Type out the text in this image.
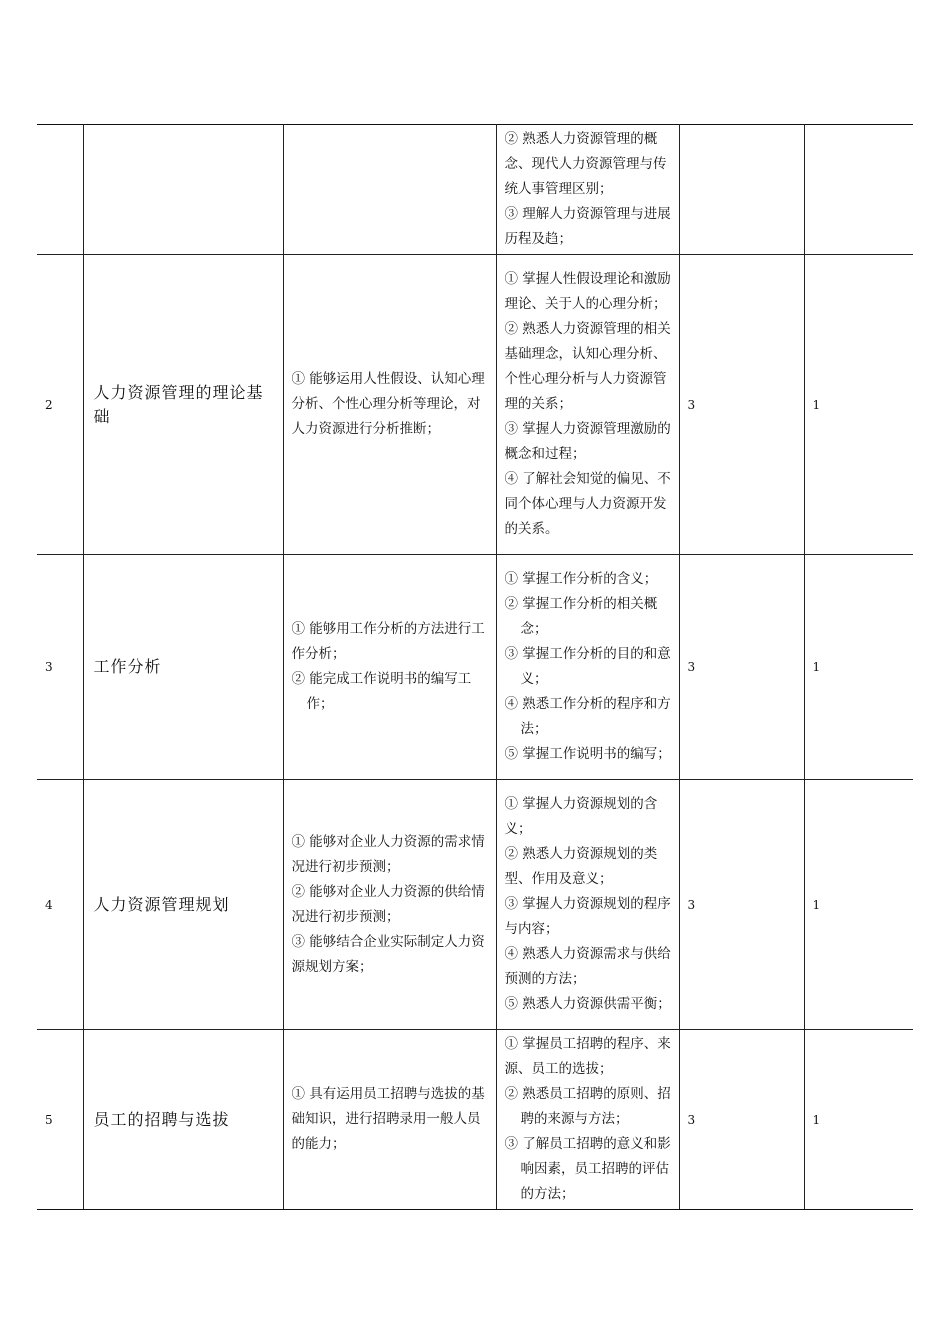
			② 熟悉人力资源管理的概念、现代人力资源管理与传统人事管理区别；
③ 理解人力资源管理与进展历程及趋；		

2	人力资源管理的理论基础	① 能够运用人性假设、认知心理分析、个性心理分析等理论，对人力资源进行分析推断；	① 掌握人性假设理论和激励理论、关于人的心理分析；
② 熟悉人力资源管理的相关基础理念，认知心理分析、个性心理分析与人力资源管理的关系；
③ 掌握人力资源管理激励的概念和过程；
④ 了解社会知觉的偏见、不同个体心理与人力资源开发的关系。	3	1
3	工作分析	① 能够用工作分析的方法进行工作分析；
② 能完成工作说明书的编写工作；	① 掌握工作分析的含义；
② 掌握工作分析的相关概念；
③ 掌握工作分析的目的和意义；
④ 熟悉工作分析的程序和方法；
⑤ 掌握工作说明书的编写；	3	1
4	人力资源管理规划	① 能够对企业人力资源的需求情况进行初步预测；
② 能够对企业人力资源的供给情况进行初步预测；
③ 能够结合企业实际制定人力资源规划方案；	① 掌握人力资源规划的含义；
② 熟悉人力资源规划的类型、作用及意义；
③ 掌握人力资源规划的程序与内容；
④ 熟悉人力资源需求与供给预测的方法；
⑤ 熟悉人力资源供需平衡；	3	1
5	员工的招聘与选拔	① 具有运用员工招聘与选拔的基础知识，进行招聘录用一般人员的能力；	① 掌握员工招聘的程序、来源、员工的选拔；
② 熟悉员工招聘的原则、招聘的来源与方法；
③ 了解员工招聘的意义和影响因素，员工招聘的评估的方法；	3	1
